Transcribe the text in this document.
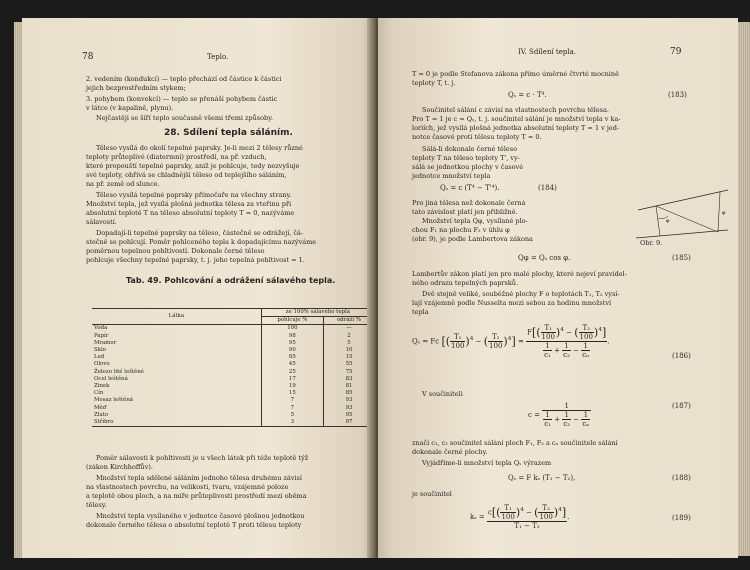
78	Teplo.
2. vedením (kondukcí) — teplo přechází od částice k částici
jejich bezprostředním stykem;
3. pohybem (konvekcí) — teplo se přenáší pohybem částic
v látce (v kapalině, plynu).
Nejčastěji se šíří teplo současně všemi třemi způsoby.
28. Sdílení tepla sáláním.
Těleso vysílá do okolí tepelné paprsky. Je-li mezi 2 tělesy různé
teploty průteplivé (diatermní) prostředí, na př. vzduch,
které propouští tepelné paprsky, aniž je pohlcuje, tedy nezvyšuje
své teploty, ohřívá se chladnější těleso od teplejšího sáláním,
na př. země od slunce.
Těleso vysílá tepelné paprsky přímočaře na všechny strany.
Množství tepla, jež vysílá plošná jednotka tělesa za vteřinu při
absolutní teplotě T na těleso absolutní teploty T = 0, nazýváme
sálavostí.
Dopadají-li tepelné paprsky na těleso, částečně se odrážejí, čá-
stečně se pohlcují. Poměr pohlceného tepla k dopadajícímu nazýváme
poměrnou tepelnou pohltivostí. Dokonale černé těleso
pohlcuje všechny tepelné paprsky, t. j. jeho tepelná pohltivost = 1.
Tab. 49. Pohlcování a odrážení sálavého tepla.
Látka	ze 100% sálavého tepla	
	pohlcuje %	odráží %
Voda	100	—
Papír	98	2
Mramor	95	5
Sklo	90	10
Led	85	15
Olovo	45	55
Železo lité leštěné	25	75
Ocel leštěná	17	83
Zinek	19	81
Cín	15	85
Mosaz leštěná	7	93
Měď	7	93
Zlato	5	95
Stříbro	3	97
Poměr sálavosti k pohltivosti je u všech látek při téže teplotě týž
(zákon Kirchhoffův).
Množství tepla sdělené sáláním jednoho tělesa druhému závisí
na vlastnostech povrchu, na velikosti, tvaru, vzájemné poloze
a teplotě obou ploch, a na míře průteplivosti prostředí mezi oběma
tělesy.
Množství tepla vysílaného v jednotce časové plošnou jednotkou
dokonale černého tělesa o absolutní teplotě T proti tělesu teploty
IV. Sdílení tepla.	79
T = 0 je podle Stefanova zákona přímo úměrné čtvrté mocnině
teploty T, t. j.
Qₛ = c · T⁴.	(183)
Součinitel sálání c závisí na vlastnostech povrchu tělesa.
Pro T = 1 je c = Qₛ, t. j. součinitel sálání je množství tepla v ka-
loriích, jež vysílá plošná jednotka absolutní teploty T = 1 v jed-
notce časové proti tělesu teploty T = 0.
Sálá-li dokonale černé těleso
teploty T na těleso teploty T', vy-
sálá se jednotkou plochy v časové
jednotce množství tepla
Qₛ = c (T⁴ − T'⁴).	(184)
Pro jiná tělesa než dokonale černá
tato závislost platí jen přibližně.
Množství tepla Qφ, vysílané plo-
chou F₁ na plochu F₂ v úhlu φ
(obr. 9), je podle Lambertova zákona	Obr. 9.
Qφ = Qₛ cos φ.	(185)
Lambertův zákon platí jen pro malé plochy, které nejeví pravidel-
ného odrazu tepelných paprsků.
Dvě stejně veliké, souběžné plochy F o teplotách T₁, T₂ vysí-
lají vzájemně podle Nusselta mezi sebou za hodinu množství
tepla
Qₛ = Fc [( $\frac{\text{T₁}}{100} )^4$ − ( $\frac{\text{T₂}}{100} )^4] = \frac{F[( \frac{\text{T₁}}{100} )^4 - ( \frac{\text{T₂}}{100} )^4]}{\frac{1}{\text{c₁}} + \frac{1}{\text{c₂}} - \frac{1}{\text{cₙ}}}$ .
(186)
V součiniteli
$c = \frac{1}{\frac{1}{\text{c₁}} + \frac{1}{\text{c₂}} - \frac{1}{\text{cₙ}}}$	(187)
značí c₁, c₂ součinitel sálání ploch F₁, F₂ a cₙ součinitele sálání
dokonale černé plochy.
Vyjádříme-li množství tepla Qₛ výrazem
Qₛ = F kₛ (T₁ − T₂),	(188)
je součinitel
$k_s = \frac{c[( \frac{\text{T₁}}{100} )^4 - ( \frac{\text{T₂}}{100} )^4]}{\text{T₁ − T₂}}$ .	(189)
φ
φ
